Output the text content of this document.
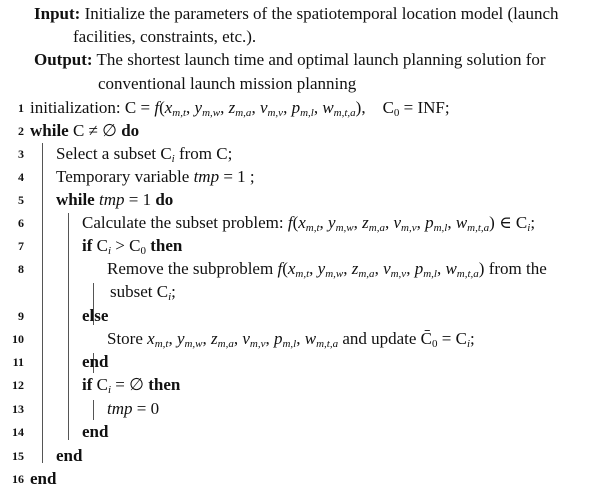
Input: Initialize the parameters of the spatiotemporal location model (launch
facilities, constraints, etc.).
Output: The shortest launch time and optimal launch planning solution for
conventional launch mission planning
1 initialization: $C = f(x_{m,t}$, $y_{m,w}$, $z_{m,a}$, $v_{m,v}$, $p_{m,l}$, $w_{m,t,a}$),    $C_0$ = INF;
2 while C ≠ ∅ do
3 Select a subset $C_i$ from C;
4 Temporary variable tmp = 1 ;
5 while tmp = 1 do
6	Calculate the subset problem: $f(x_{m,t}$, $y_{m,w}$, $z_{m,a}$, $v_{m,v}$, $p_{m,l}$, $w_{m,t,a}$) ∈ $C_i$;
7	if $C_i > C_0$ then
8	Remove the subproblem $f(x_{m,t}$, $y_{m,w}$, $z_{m,a}$, $v_{m,v}$, $p_{m,l}$, $w_{m,t,a}$) from the
subset $C_i$;
9	else
10	Store $x_{m,t}$, $y_{m,w}$, $z_{m,a}$, $v_{m,v}$, $p_{m,l}$, $w_{m,t,a}$ and update $C̄_0 = C_i$;
11	end
12	if $C_i$ = ∅ then
13	tmp = 0
14	end
15 end
16 end
